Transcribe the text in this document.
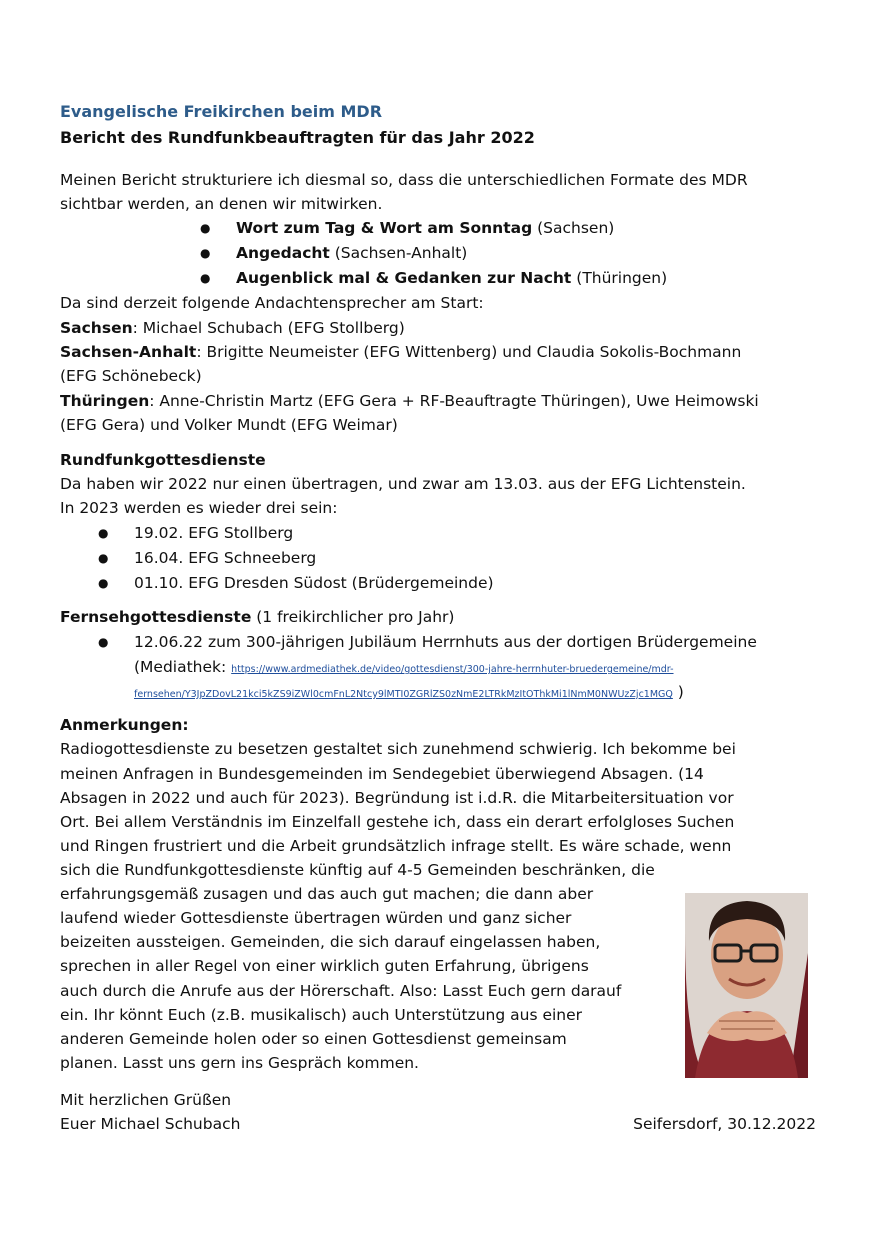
Evangelische Freikirchen beim MDR
Bericht des Rundfunkbeauftragten für das Jahr 2022
Meinen Bericht strukturiere ich diesmal so, dass die unterschiedlichen Formate des MDR
sichtbar werden, an denen wir mitwirken.
● Wort zum Tag & Wort am Sonntag (Sachsen)
● Angedacht (Sachsen-Anhalt)
● Augenblick mal & Gedanken zur Nacht (Thüringen)
Da sind derzeit folgende Andachtensprecher am Start:
Sachsen: Michael Schubach (EFG Stollberg)
Sachsen-Anhalt: Brigitte Neumeister (EFG Wittenberg) und Claudia Sokolis-Bochmann
(EFG Schönebeck)
Thüringen: Anne-Christin Martz (EFG Gera + RF-Beauftragte Thüringen), Uwe Heimowski
(EFG Gera) und Volker Mundt (EFG Weimar)
Rundfunkgottesdienste
Da haben wir 2022 nur einen übertragen, und zwar am 13.03. aus der EFG Lichtenstein.
In 2023 werden es wieder drei sein:
● 19.02. EFG Stollberg
● 16.04. EFG Schneeberg
● 01.10. EFG Dresden Südost (Brüdergemeinde)
Fernsehgottesdienste (1 freikirchlicher pro Jahr)
● 12.06.22 zum 300-jährigen Jubiläum Herrnhuts aus der dortigen Brüdergemeine
(Mediathek: https://www.ardmediathek.de/video/gottesdienst/300-jahre-herrnhuter-bruedergemeine/mdr-
fernsehen/Y3JpZDovL21kci5kZS9iZWl0cmFnL2Ntcy9lMTI0ZGRlZS0zNmE2LTRkMzItOThkMi1lNmM0NWUzZjc1MGQ )
Anmerkungen:
Radiogottesdienste zu besetzen gestaltet sich zunehmend schwierig. Ich bekomme bei
meinen Anfragen in Bundesgemeinden im Sendegebiet überwiegend Absagen. (14
Absagen in 2022 und auch für 2023). Begründung ist i.d.R. die Mitarbeitersituation vor
Ort. Bei allem Verständnis im Einzelfall gestehe ich, dass ein derart erfolgloses Suchen
und Ringen frustriert und die Arbeit grundsätzlich infrage stellt. Es wäre schade, wenn
sich die Rundfunkgottesdienste künftig auf 4-5 Gemeinden beschränken, die
erfahrungsgemäß zusagen und das auch gut machen; die dann aber
laufend wieder Gottesdienste übertragen würden und ganz sicher
beizeiten aussteigen. Gemeinden, die sich darauf eingelassen haben,
sprechen in aller Regel von einer wirklich guten Erfahrung, übrigens
auch durch die Anrufe aus der Hörerschaft. Also: Lasst Euch gern darauf
ein. Ihr könnt Euch (z.B. musikalisch) auch Unterstützung aus einer
anderen Gemeinde holen oder so einen Gottesdienst gemeinsam
planen. Lasst uns gern ins Gespräch kommen.
Mit herzlichen Grüßen
Euer Michael Schubach	Seifersdorf, 30.12.2022
